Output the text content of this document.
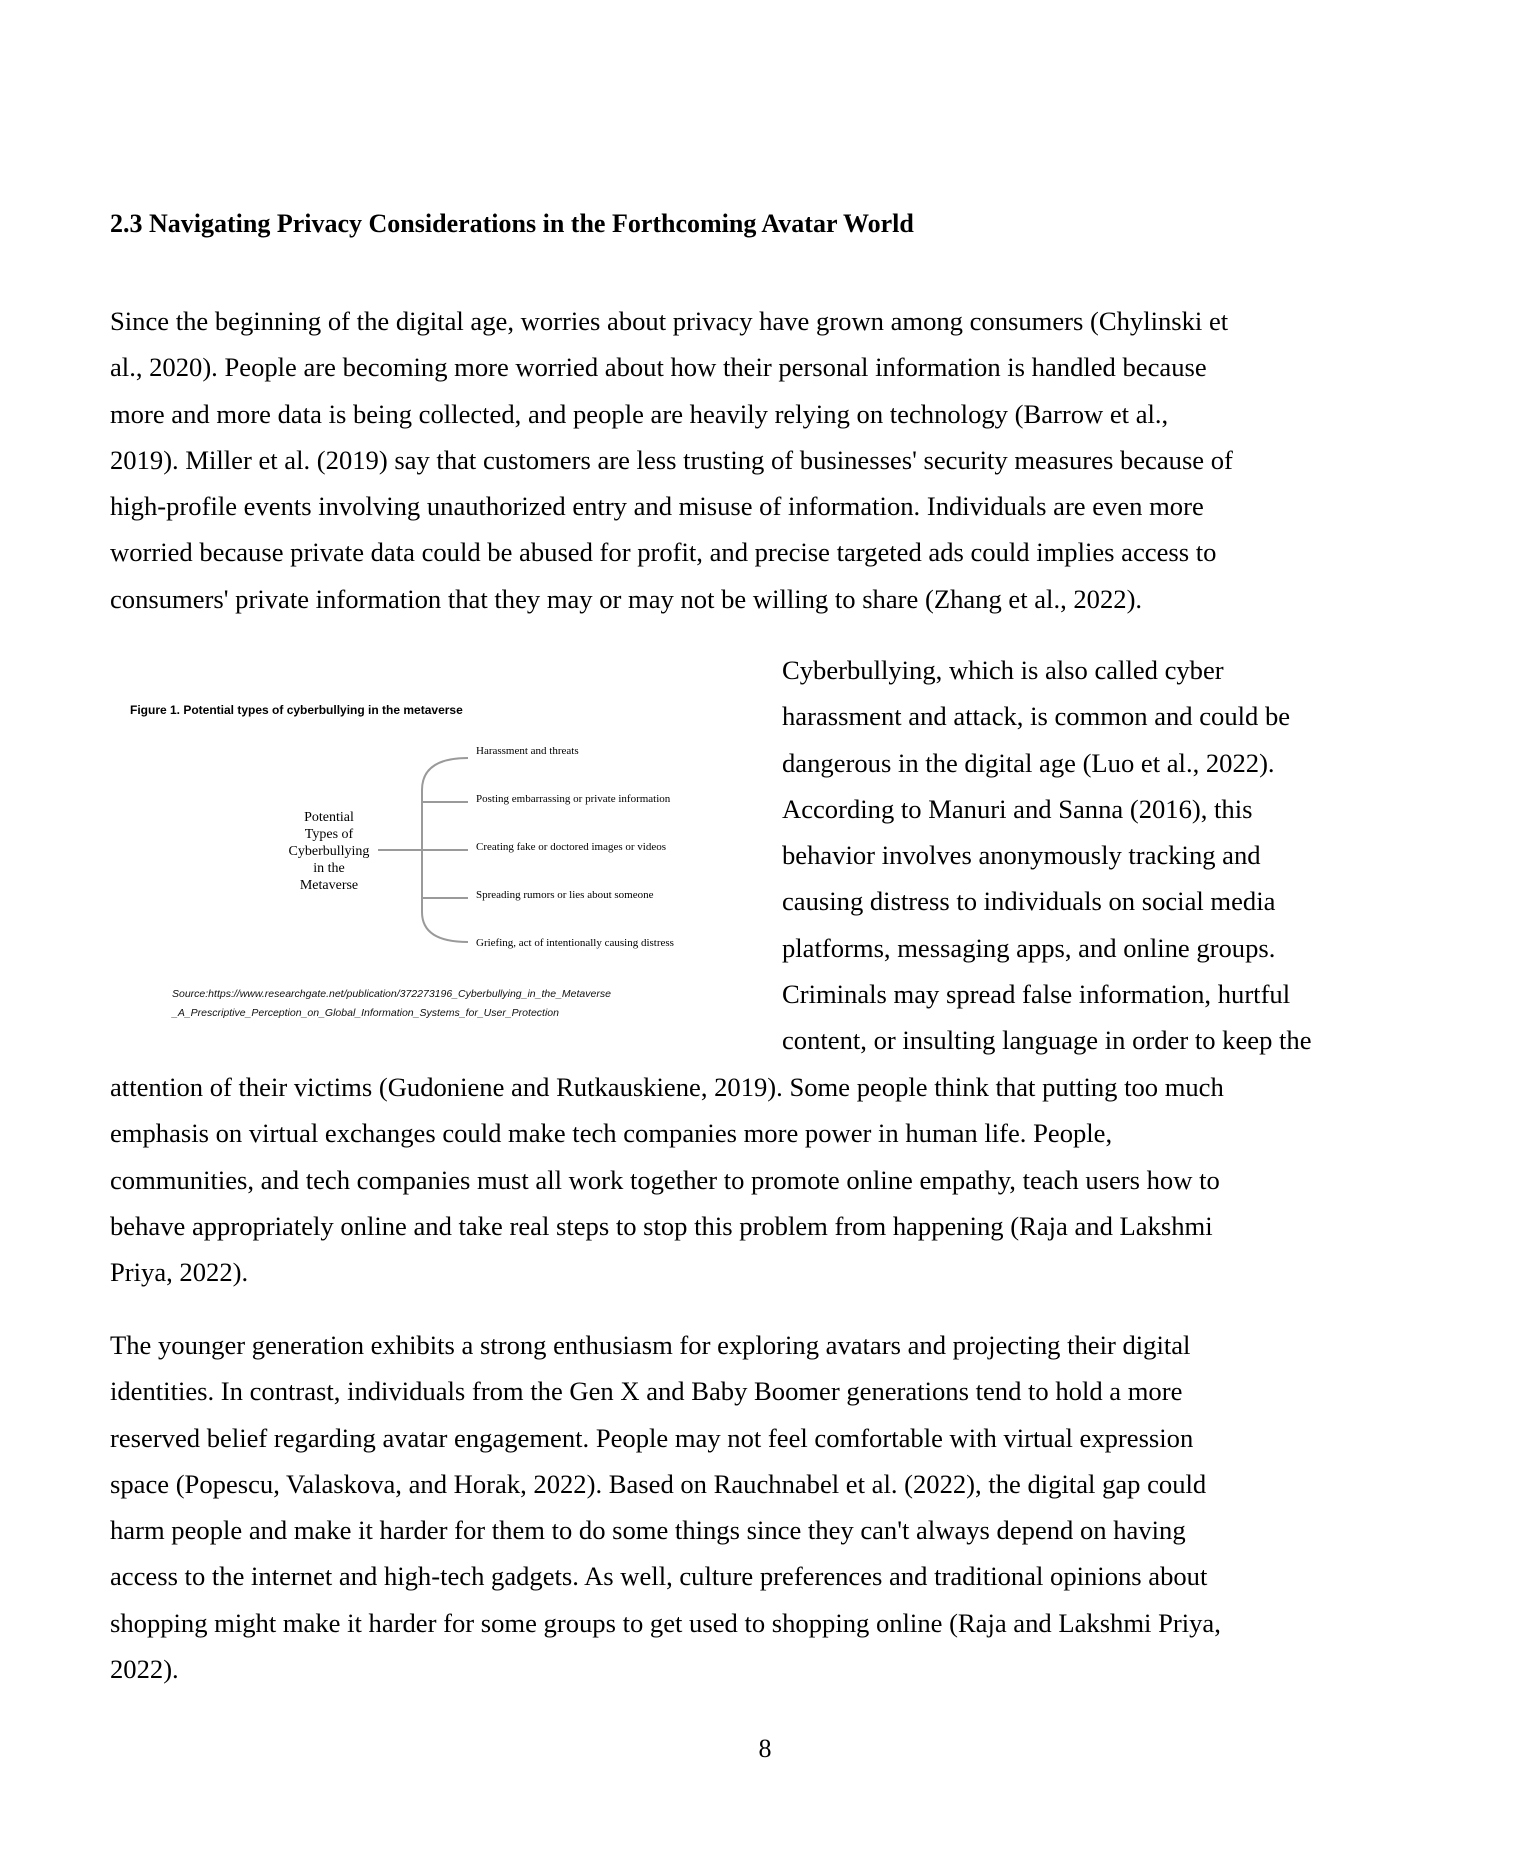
2.3 Navigating Privacy Considerations in the Forthcoming Avatar World
Since the beginning of the digital age, worries about privacy have grown among consumers (Chylinski et
al., 2020). People are becoming more worried about how their personal information is handled because
more and more data is being collected, and people are heavily relying on technology (Barrow et al.,
2019). Miller et al. (2019) say that customers are less trusting of businesses' security measures because of
high-profile events involving unauthorized entry and misuse of information. Individuals are even more
worried because private data could be abused for profit, and precise targeted ads could implies access to
consumers' private information that they may or may not be willing to share (Zhang et al., 2022).
Figure 1. Potential types of cyberbullying in the metaverse
Potential
Types of
Cyberbullying
in the
Metaverse
Harassment and threats
Posting embarrassing or private information
Creating fake or doctored images or videos
Spreading rumors or lies about someone
Griefing, act of intentionally causing distress
Source:https://www.researchgate.net/publication/372273196_Cyberbullying_in_the_Metaverse
_A_Prescriptive_Perception_on_Global_Information_Systems_for_User_Protection
Cyberbullying, which is also called cyber
harassment and attack, is common and could be
dangerous in the digital age (Luo et al., 2022).
According to Manuri and Sanna (2016), this
behavior involves anonymously tracking and
causing distress to individuals on social media
platforms, messaging apps, and online groups.
Criminals may spread false information, hurtful
content, or insulting language in order to keep the
attention of their victims (Gudoniene and Rutkauskiene, 2019). Some people think that putting too much
emphasis on virtual exchanges could make tech companies more power in human life. People,
communities, and tech companies must all work together to promote online empathy, teach users how to
behave appropriately online and take real steps to stop this problem from happening (Raja and Lakshmi
Priya, 2022).
The younger generation exhibits a strong enthusiasm for exploring avatars and projecting their digital
identities. In contrast, individuals from the Gen X and Baby Boomer generations tend to hold a more
reserved belief regarding avatar engagement. People may not feel comfortable with virtual expression
space (Popescu, Valaskova, and Horak, 2022). Based on Rauchnabel et al. (2022), the digital gap could
harm people and make it harder for them to do some things since they can't always depend on having
access to the internet and high-tech gadgets. As well, culture preferences and traditional opinions about
shopping might make it harder for some groups to get used to shopping online (Raja and Lakshmi Priya,
2022).
8
